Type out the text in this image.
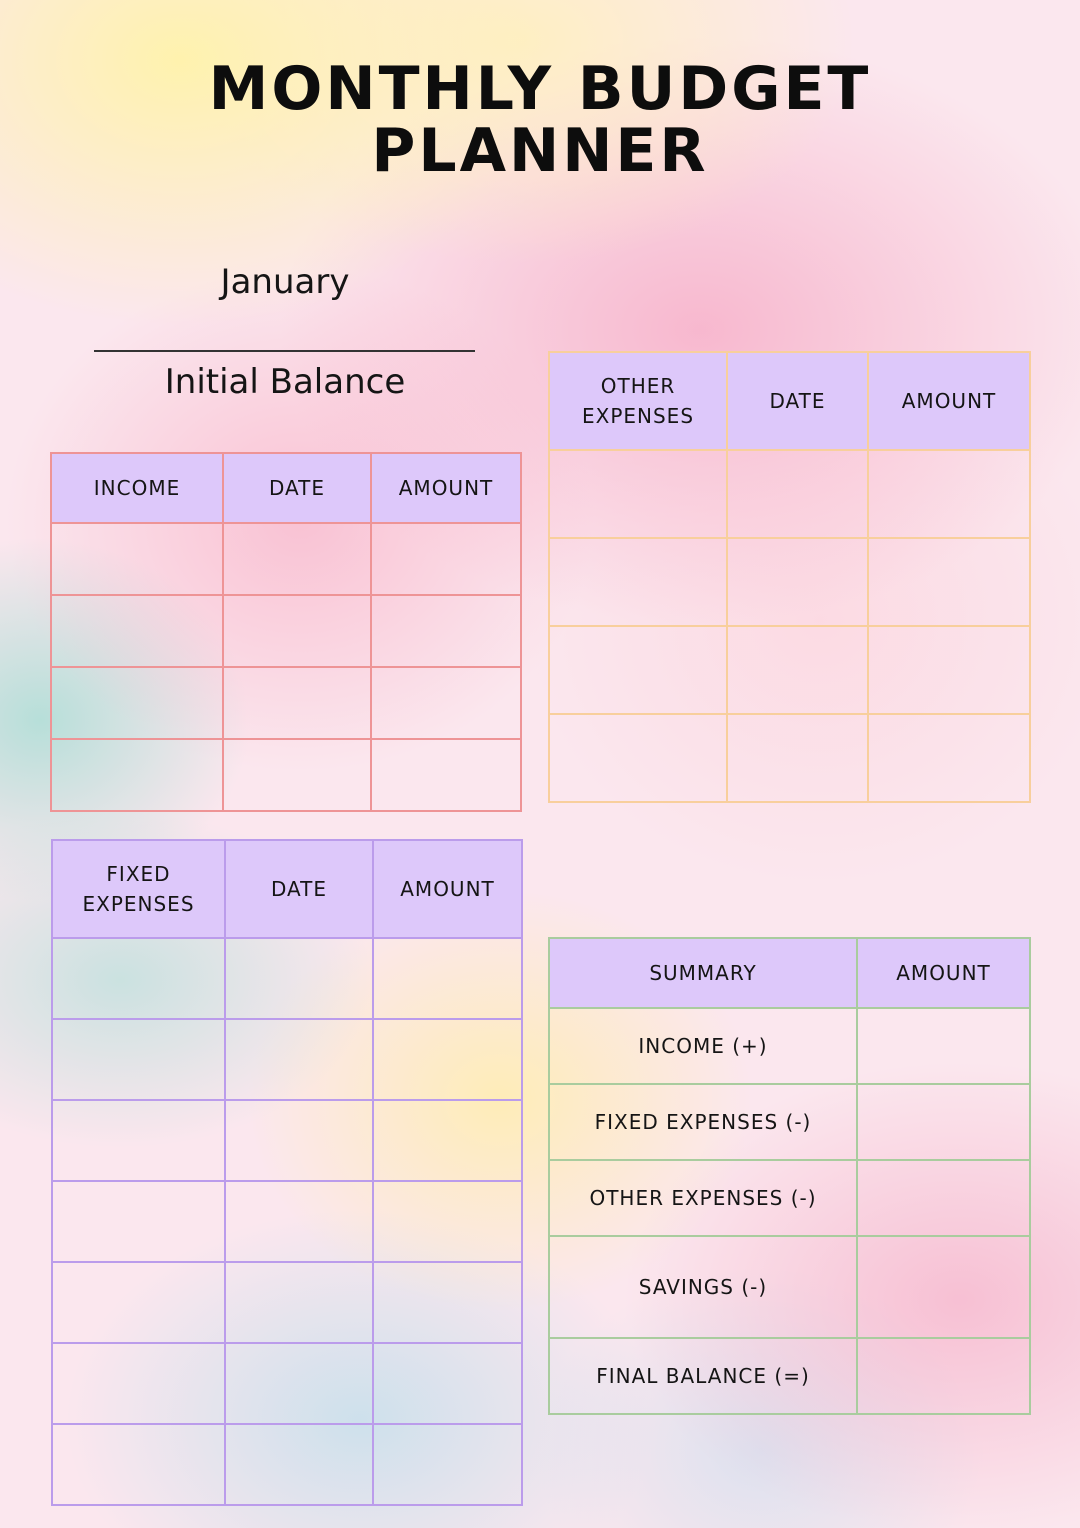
MONTHLY BUDGET
PLANNER
January
Initial Balance
INCOME	DATE	AMOUNT

OTHER EXPENSES	DATE	AMOUNT

FIXED EXPENSES	DATE	AMOUNT

SUMMARY	AMOUNT
INCOME (+)	
FIXED EXPENSES (-)	
OTHER EXPENSES (-)	
SAVINGS (-)	
FINAL BALANCE (=)	
